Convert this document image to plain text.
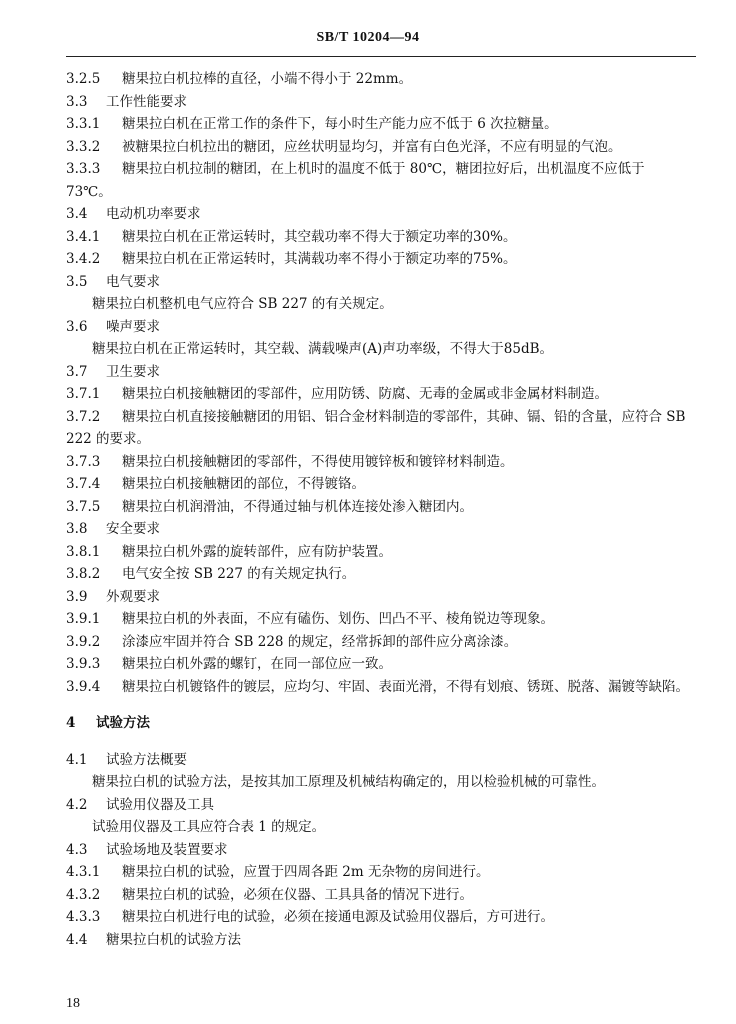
SB/T 10204—94
3.2.5 糖果拉白机拉棒的直径，小端不得小于 22mm。
3.3 工作性能要求
3.3.1 糖果拉白机在正常工作的条件下，每小时生产能力应不低于 6 次拉糖量。
3.3.2 被糖果拉白机拉出的糖团，应丝状明显均匀，并富有白色光泽，不应有明显的气泡。
3.3.3 糖果拉白机拉制的糖团，在上机时的温度不低于 80℃，糖团拉好后，出机温度不应低于 73℃。
3.4 电动机功率要求
3.4.1 糖果拉白机在正常运转时，其空载功率不得大于额定功率的30%。
3.4.2 糖果拉白机在正常运转时，其满载功率不得小于额定功率的75%。
3.5 电气要求
糖果拉白机整机电气应符合 SB 227 的有关规定。
3.6 噪声要求
糖果拉白机在正常运转时，其空载、满载噪声(A)声功率级，不得大于85dB。
3.7 卫生要求
3.7.1 糖果拉白机接触糖团的零部件，应用防锈、防腐、无毒的金属或非金属材料制造。
3.7.2 糖果拉白机直接接触糖团的用铝、铝合金材料制造的零部件，其砷、镉、铅的含量，应符合 SB 222 的要求。
3.7.3 糖果拉白机接触糖团的零部件，不得使用镀锌板和镀锌材料制造。
3.7.4 糖果拉白机接触糖团的部位，不得镀铬。
3.7.5 糖果拉白机润滑油，不得通过轴与机体连接处渗入糖团内。
3.8 安全要求
3.8.1 糖果拉白机外露的旋转部件，应有防护装置。
3.8.2 电气安全按 SB 227 的有关规定执行。
3.9 外观要求
3.9.1 糖果拉白机的外表面，不应有磕伤、划伤、凹凸不平、棱角锐边等现象。
3.9.2 涂漆应牢固并符合 SB 228 的规定，经常拆卸的部件应分离涂漆。
3.9.3 糖果拉白机外露的螺钉，在同一部位应一致。
3.9.4 糖果拉白机镀铬件的镀层，应均匀、牢固、表面光滑，不得有划痕、锈斑、脱落、漏镀等缺陷。
4 试验方法
4.1 试验方法概要
糖果拉白机的试验方法，是按其加工原理及机械结构确定的，用以检验机械的可靠性。
4.2 试验用仪器及工具
试验用仪器及工具应符合表 1 的规定。
4.3 试验场地及装置要求
4.3.1 糖果拉白机的试验，应置于四周各距 2m 无杂物的房间进行。
4.3.2 糖果拉白机的试验，必须在仪器、工具具备的情况下进行。
4.3.3 糖果拉白机进行电的试验，必须在接通电源及试验用仪器后，方可进行。
4.4 糖果拉白机的试验方法
18
